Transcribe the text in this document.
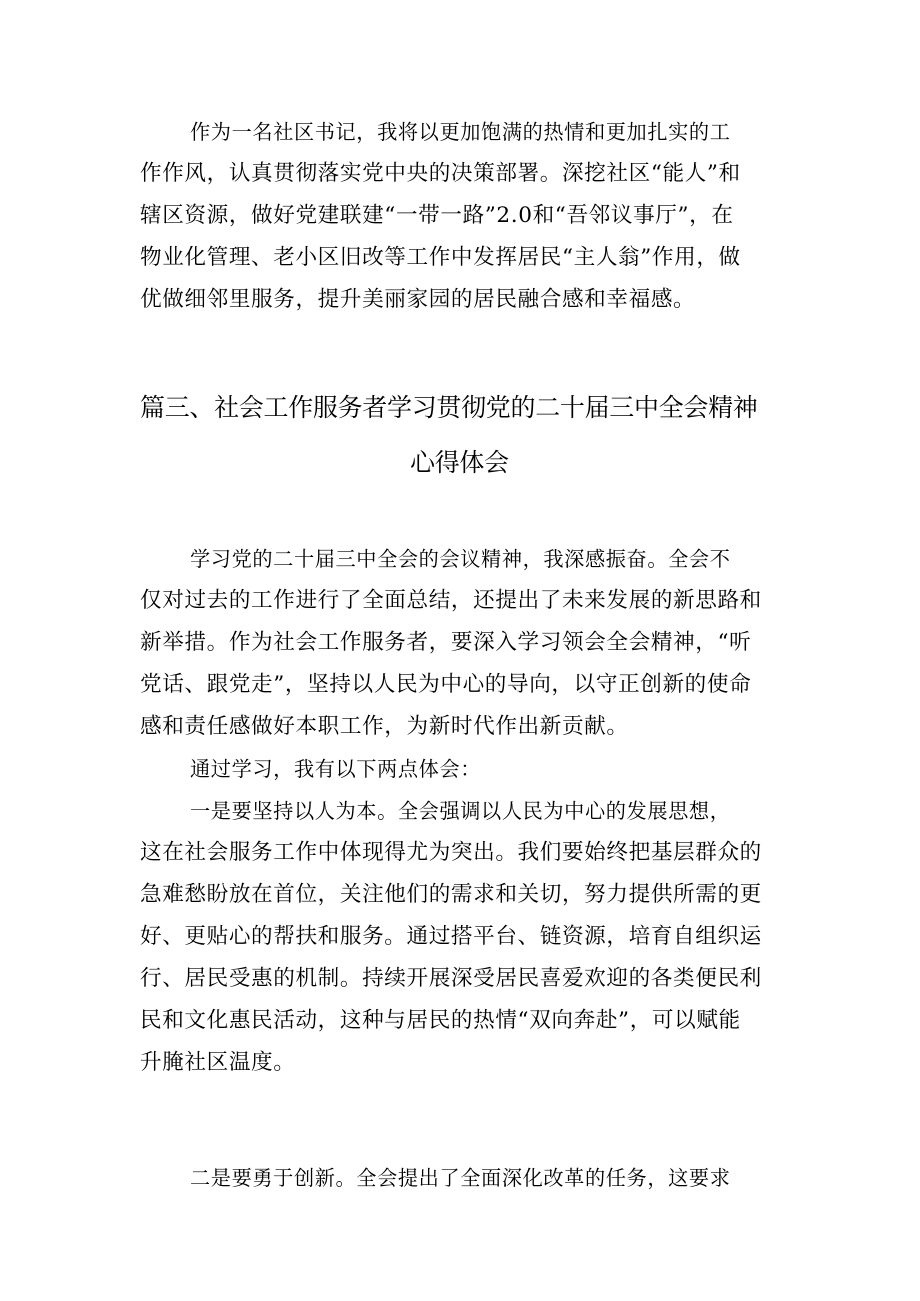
作为一名社区书记，我将以更加饱满的热情和更加扎实的工
作作风，认真贯彻落实党中央的决策部署。深挖社区“能人”和
辖区资源，做好党建联建“一带一路”2.0和“吾邻议事厅”，在
物业化管理、老小区旧改等工作中发挥居民“主人翁”作用，做
优做细邻里服务，提升美丽家园的居民融合感和幸福感。
篇三、社会工作服务者学习贯彻党的二十届三中全会精神
心得体会
学习党的二十届三中全会的会议精神，我深感振奋。全会不
仅对过去的工作进行了全面总结，还提出了未来发展的新思路和
新举措。作为社会工作服务者，要深入学习领会全会精神，“听
党话、跟党走”，坚持以人民为中心的导向，以守正创新的使命
感和责任感做好本职工作，为新时代作出新贡献。
通过学习，我有以下两点体会：
一是要坚持以人为本。全会强调以人民为中心的发展思想，
这在社会服务工作中体现得尤为突出。我们要始终把基层群众的
急难愁盼放在首位，关注他们的需求和关切，努力提供所需的更
好、更贴心的帮扶和服务。通过搭平台、链资源，培育自组织运
行、居民受惠的机制。持续开展深受居民喜爱欢迎的各类便民利
民和文化惠民活动，这种与居民的热情“双向奔赴”，可以赋能
升腌社区温度。
二是要勇于创新。全会提出了全面深化改革的任务，这要求
